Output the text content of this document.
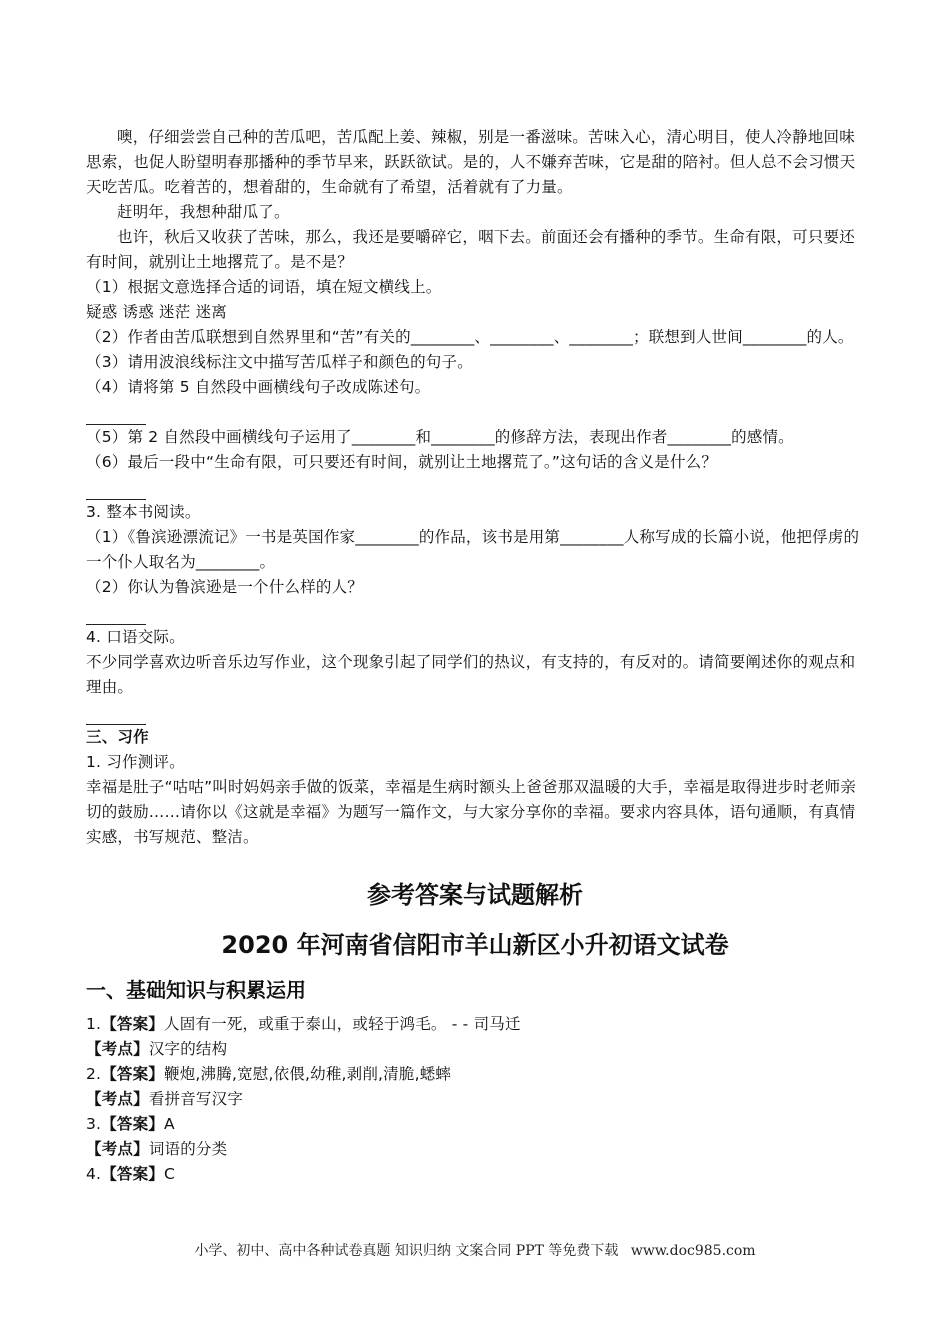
噢，仔细尝尝自己种的苦瓜吧，苦瓜配上姜、辣椒，别是一番滋味。苦味入心，清心明目，使人冷静地回味思索，也促人盼望明春那播种的季节早来，跃跃欲试。是的，人不嫌弃苦味，它是甜的陪衬。但人总不会习惯天天吃苦瓜。吃着苦的，想着甜的，生命就有了希望，活着就有了力量。

赶明年，我想种甜瓜了。

也许，秋后又收获了苦味，那么，我还是要嚼碎它，咽下去。前面还会有播种的季节。生命有限，可只要还有时间，就别让土地撂荒了。是不是？

（1）根据文意选择合适的词语，填在短文横线上。

疑惑 诱惑 迷茫 迷离

（2）作者由苦瓜联想到自然界里和“苦”有关的________、________、________；联想到人世间________的人。

（3）请用波浪线标注文中描写苦瓜样子和颜色的句子。

（4）请将第 5 自然段中画横线句子改成陈述句。

（5）第 2 自然段中画横线句子运用了________和________的修辞方法，表现出作者________的感情。

（6）最后一段中“生命有限，可只要还有时间，就别让土地撂荒了。”这句话的含义是什么？

3. 整本书阅读。

（1）《鲁滨逊漂流记》一书是英国作家________的作品，该书是用第________人称写成的长篇小说，他把俘虏的一个仆人取名为________。

（2）你认为鲁滨逊是一个什么样的人？

4. 口语交际。

不少同学喜欢边听音乐边写作业，这个现象引起了同学们的热议，有支持的，有反对的。请简要阐述你的观点和理由。

三、习作

1. 习作测评。

幸福是肚子“咕咕”叫时妈妈亲手做的饭菜，幸福是生病时额头上爸爸那双温暖的大手，幸福是取得进步时老师亲切的鼓励……请你以《这就是幸福》为题写一篇作文，与大家分享你的幸福。要求内容具体，语句通顺，有真情实感，书写规范、整洁。

参考答案与试题解析

2020 年河南省信阳市羊山新区小升初语文试卷

一、基础知识与积累运用

1.【答案】人固有一死，或重于泰山，或轻于鸿毛。 - - 司马迁

【考点】汉字的结构

2.【答案】鞭炮,沸腾,宽慰,依偎,幼稚,剥削,清脆,蟋蟀

【考点】看拼音写汉字

3.【答案】A

【考点】词语的分类

4.【答案】C

小学、初中、高中各种试卷真题 知识归纳 文案合同 PPT 等免费下载 www.doc985.com
